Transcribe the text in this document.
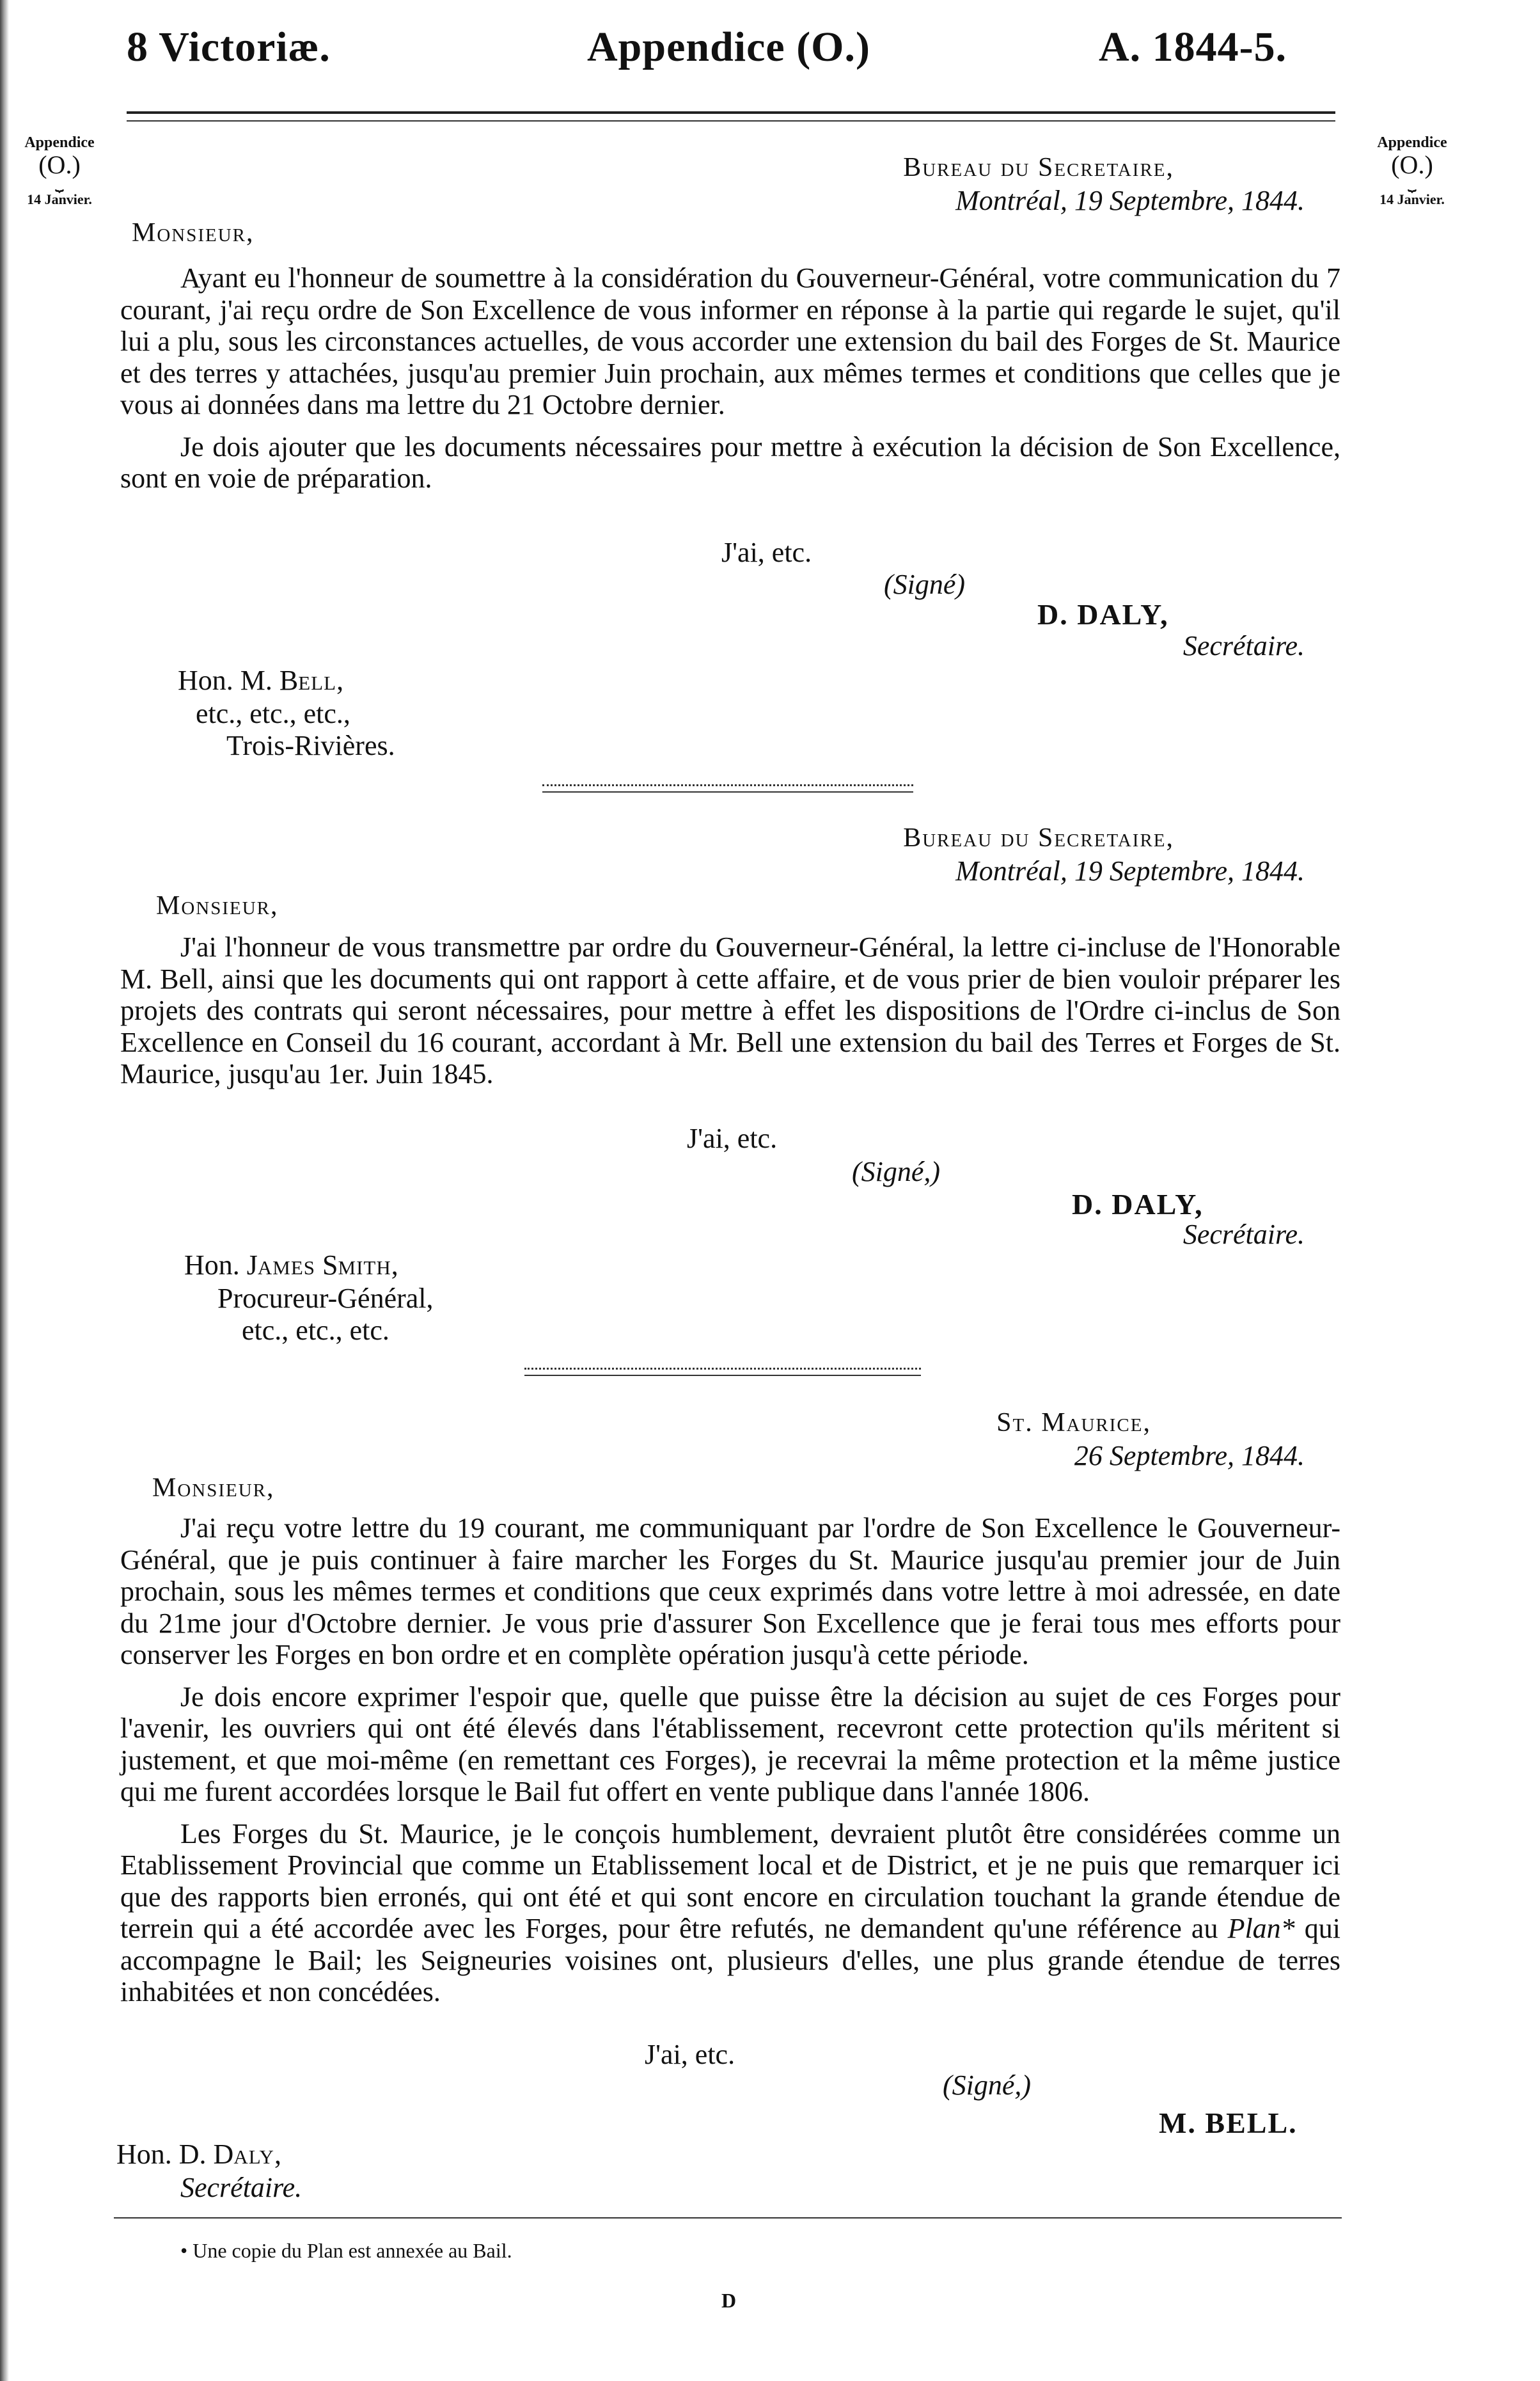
8 Victoriæ.	Appendice (O.)	A. 1844-5.
Appendice
(O.)
⏟
14 Janvier.
Appendice
(O.)
⏟
14 Janvier.
Bureau du Secretaire,
Montréal, 19 Septembre, 1844.
Monsieur,

Ayant eu l'honneur de soumettre à la considération du Gouverneur-Général, votre communication du 7 courant, j'ai reçu ordre de Son Excellence de vous informer en réponse à la partie qui regarde le sujet, qu'il lui a plu, sous les circonstances actuelles, de vous accorder une extension du bail des Forges de St. Maurice et des terres y attachées, jusqu'au premier Juin prochain, aux mêmes termes et conditions que celles que je vous ai données dans ma lettre du 21 Octobre dernier.

Je dois ajouter que les documents nécessaires pour mettre à exécution la décision de Son Excellence, sont en voie de préparation.

J'ai, etc.
(Signé)
D. DALY,
Secrétaire.
Hon. M. Bell,
etc., etc., etc.,
Trois-Rivières.
Bureau du Secretaire,
Montréal, 19 Septembre, 1844.
Monsieur,

J'ai l'honneur de vous transmettre par ordre du Gouverneur-Général, la lettre ci-incluse de l'Honorable M. Bell, ainsi que les documents qui ont rapport à cette affaire, et de vous prier de bien vouloir préparer les projets des contrats qui seront nécessaires, pour mettre à effet les dispositions de l'Ordre ci-inclus de Son Excellence en Conseil du 16 courant, accordant à Mr. Bell une extension du bail des Terres et Forges de St. Maurice, jusqu'au 1er. Juin 1845.

J'ai, etc.
(Signé,)
D. DALY,
Secrétaire.
Hon. James Smith,
Procureur-Général,
etc., etc., etc.
St. Maurice,
26 Septembre, 1844.
Monsieur,

J'ai reçu votre lettre du 19 courant, me communiquant par l'ordre de Son Excellence le Gouverneur-Général, que je puis continuer à faire marcher les Forges du St. Maurice jusqu'au premier jour de Juin prochain, sous les mêmes termes et conditions que ceux exprimés dans votre lettre à moi adressée, en date du 21me jour d'Octobre dernier. Je vous prie d'assurer Son Excellence que je ferai tous mes efforts pour conserver les Forges en bon ordre et en complète opération jusqu'à cette période.

Je dois encore exprimer l'espoir que, quelle que puisse être la décision au sujet de ces Forges pour l'avenir, les ouvriers qui ont été élevés dans l'établissement, recevront cette protection qu'ils méritent si justement, et que moi-même (en remettant ces Forges), je recevrai la même protection et la même justice qui me furent accordées lorsque le Bail fut offert en vente publique dans l'année 1806.

Les Forges du St. Maurice, je le conçois humblement, devraient plutôt être considérées comme un Etablissement Provincial que comme un Etablissement local et de District, et je ne puis que remarquer ici que des rapports bien erronés, qui ont été et qui sont encore en circulation touchant la grande étendue de terrein qui a été accordée avec les Forges, pour être refutés, ne demandent qu'une référence au Plan* qui accompagne le Bail; les Seigneuries voisines ont, plusieurs d'elles, une plus grande étendue de terres inhabitées et non concédées.

J'ai, etc.
(Signé,)
M. BELL.
Hon. D. Daly,
Secrétaire.
• Une copie du Plan est annexée au Bail.
D
